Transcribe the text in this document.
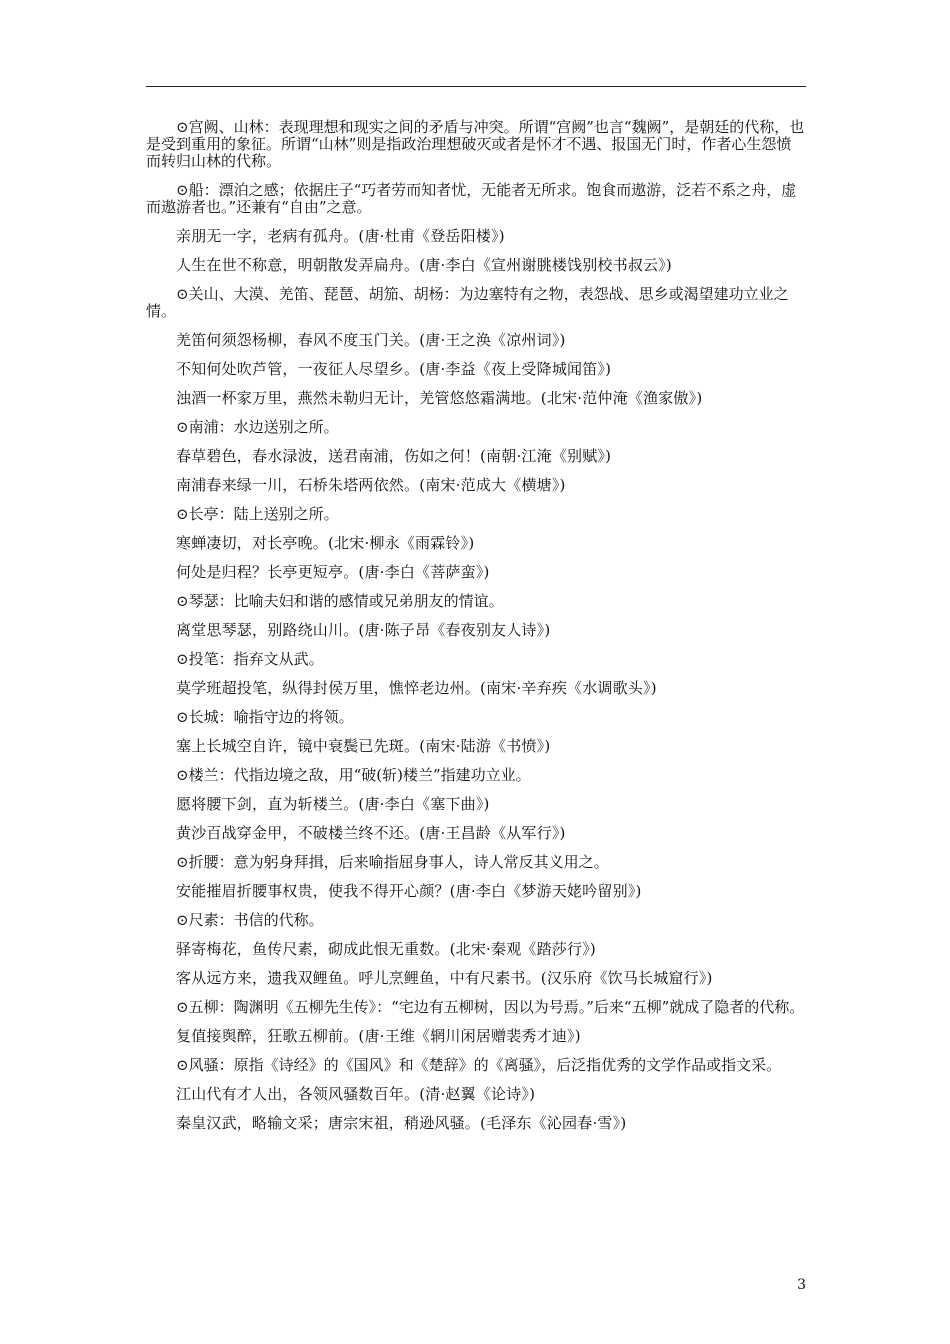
⊙宫阙、山林：表现理想和现实之间的矛盾与冲突。所谓“宫阙”也言“魏阙”，是朝廷的代称，也是受到重用的象征。所谓“山林”则是指政治理想破灭或者是怀才不遇、报国无门时，作者心生怨愤而转归山林的代称。

⊙船：漂泊之感；依据庄子“巧者劳而知者忧，无能者无所求。饱食而遨游，泛若不系之舟，虚而遨游者也。”还兼有“自由”之意。

亲朋无一字，老病有孤舟。(唐·杜甫《登岳阳楼》)

人生在世不称意，明朝散发弄扁舟。(唐·李白《宣州谢朓楼饯别校书叔云》)

⊙关山、大漠、羌笛、琵琶、胡笳、胡杨：为边塞特有之物，表怨战、思乡或渴望建功立业之情。

羌笛何须怨杨柳，春风不度玉门关。(唐·王之涣《凉州词》)

不知何处吹芦管，一夜征人尽望乡。(唐·李益《夜上受降城闻笛》)

浊酒一杯家万里，燕然未勒归无计，羌管悠悠霜满地。(北宋·范仲淹《渔家傲》)

⊙南浦：水边送别之所。

春草碧色，春水渌波，送君南浦，伤如之何！(南朝·江淹《别赋》)

南浦春来绿一川，石桥朱塔两依然。(南宋·范成大《横塘》)

⊙长亭：陆上送别之所。

寒蝉凄切，对长亭晚。(北宋·柳永《雨霖铃》)

何处是归程？长亭更短亭。(唐·李白《菩萨蛮》)

⊙琴瑟：比喻夫妇和谐的感情或兄弟朋友的情谊。

离堂思琴瑟，别路绕山川。(唐·陈子昂《春夜别友人诗》)

⊙投笔：指弃文从武。

莫学班超投笔，纵得封侯万里，憔悴老边州。(南宋·辛弃疾《水调歌头》)

⊙长城：喻指守边的将领。

塞上长城空自许，镜中衰鬓已先斑。(南宋·陆游《书愤》)

⊙楼兰：代指边境之敌，用“破(斩)楼兰”指建功立业。

愿将腰下剑，直为斩楼兰。(唐·李白《塞下曲》)

黄沙百战穿金甲，不破楼兰终不还。(唐·王昌龄《从军行》)

⊙折腰：意为躬身拜揖，后来喻指屈身事人，诗人常反其义用之。

安能摧眉折腰事权贵，使我不得开心颜？(唐·李白《梦游天姥吟留别》)

⊙尺素：书信的代称。

驿寄梅花，鱼传尺素，砌成此恨无重数。(北宋·秦观《踏莎行》)

客从远方来，遗我双鲤鱼。呼儿烹鲤鱼，中有尺素书。(汉乐府《饮马长城窟行》)

⊙五柳：陶渊明《五柳先生传》：“宅边有五柳树，因以为号焉。”后来“五柳”就成了隐者的代称。

复值接舆醉，狂歌五柳前。(唐·王维《辋川闲居赠裴秀才迪》)

⊙风骚：原指《诗经》的《国风》和《楚辞》的《离骚》，后泛指优秀的文学作品或指文采。

江山代有才人出，各领风骚数百年。(清·赵翼《论诗》)

秦皇汉武，略输文采；唐宗宋祖，稍逊风骚。(毛泽东《沁园春·雪》)

3
